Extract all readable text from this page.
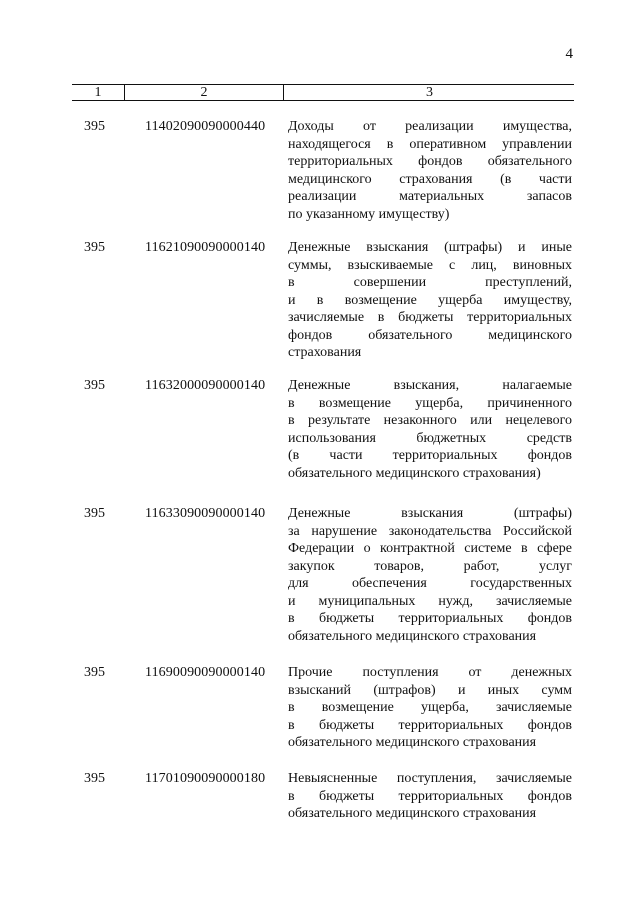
4
1	2	3
395	11402090090000440	Доходы от реализации имущества,
находящегося в оперативном управлении
территориальных фондов обязательного
медицинского страхования (в части
реализации материальных запасов
по указанному имуществу)
395	11621090090000140	Денежные взыскания (штрафы) и иные
суммы, взыскиваемые с лиц, виновных
в совершении преступлений,
и в возмещение ущерба имуществу,
зачисляемые в бюджеты территориальных
фондов обязательного медицинского
страхования
395	11632000090000140	Денежные взыскания, налагаемые
в возмещение ущерба, причиненного
в результате незаконного или нецелевого
использования бюджетных средств
(в части территориальных фондов
обязательного медицинского страхования)
395	11633090090000140	Денежные взыскания (штрафы)
за нарушение законодательства Российской
Федерации о контрактной системе в сфере
закупок товаров, работ, услуг
для обеспечения государственных
и муниципальных нужд, зачисляемые
в бюджеты территориальных фондов
обязательного медицинского страхования
395	11690090090000140	Прочие поступления от денежных
взысканий (штрафов) и иных сумм
в возмещение ущерба, зачисляемые
в бюджеты территориальных фондов
обязательного медицинского страхования
395	11701090090000180	Невыясненные поступления, зачисляемые
в бюджеты территориальных фондов
обязательного медицинского страхования
